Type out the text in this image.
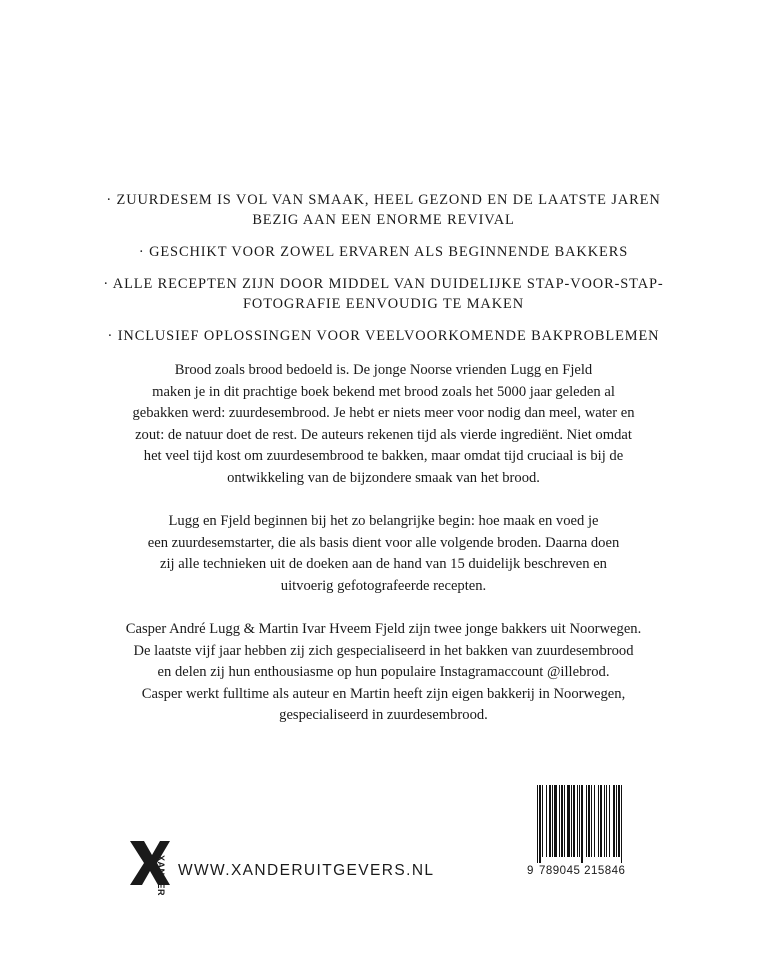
· ZUURDESEM IS VOL VAN SMAAK, HEEL GEZOND EN DE LAATSTE JAREN
BEZIG AAN EEN ENORME REVIVAL
· GESCHIKT VOOR ZOWEL ERVAREN ALS BEGINNENDE BAKKERS
· ALLE RECEPTEN ZIJN DOOR MIDDEL VAN DUIDELIJKE STAP-VOOR-STAP-
FOTOGRAFIE EENVOUDIG TE MAKEN
· INCLUSIEF OPLOSSINGEN VOOR VEELVOORKOMENDE BAKPROBLEMEN
Brood zoals brood bedoeld is. De jonge Noorse vrienden Lugg en Fjeld
maken je in dit prachtige boek bekend met brood zoals het 5000 jaar geleden al
gebakken werd: zuurdesembrood. Je hebt er niets meer voor nodig dan meel, water en
zout: de natuur doet de rest. De auteurs rekenen tijd als vierde ingrediënt. Niet omdat
het veel tijd kost om zuurdesembrood te bakken, maar omdat tijd cruciaal is bij de
ontwikkeling van de bijzondere smaak van het brood.
Lugg en Fjeld beginnen bij het zo belangrijke begin: hoe maak en voed je
een zuurdesemstarter, die als basis dient voor alle volgende broden. Daarna doen
zij alle technieken uit de doeken aan de hand van 15 duidelijk beschreven en
uitvoerig gefotografeerde recepten.
Casper André Lugg & Martin Ivar Hveem Fjeld zijn twee jonge bakkers uit Noorwegen.
De laatste vijf jaar hebben zij zich gespecialiseerd in het bakken van zuurdesembrood
en delen zij hun enthousiasme op hun populaire Instagramaccount @illebrod.
Casper werkt fulltime als auteur en Martin heeft zijn eigen bakkerij in Noorwegen,
gespecialiseerd in zuurdesembrood.
XANDER WWW.XANDERUITGEVERS.NL	9 789045 215846
